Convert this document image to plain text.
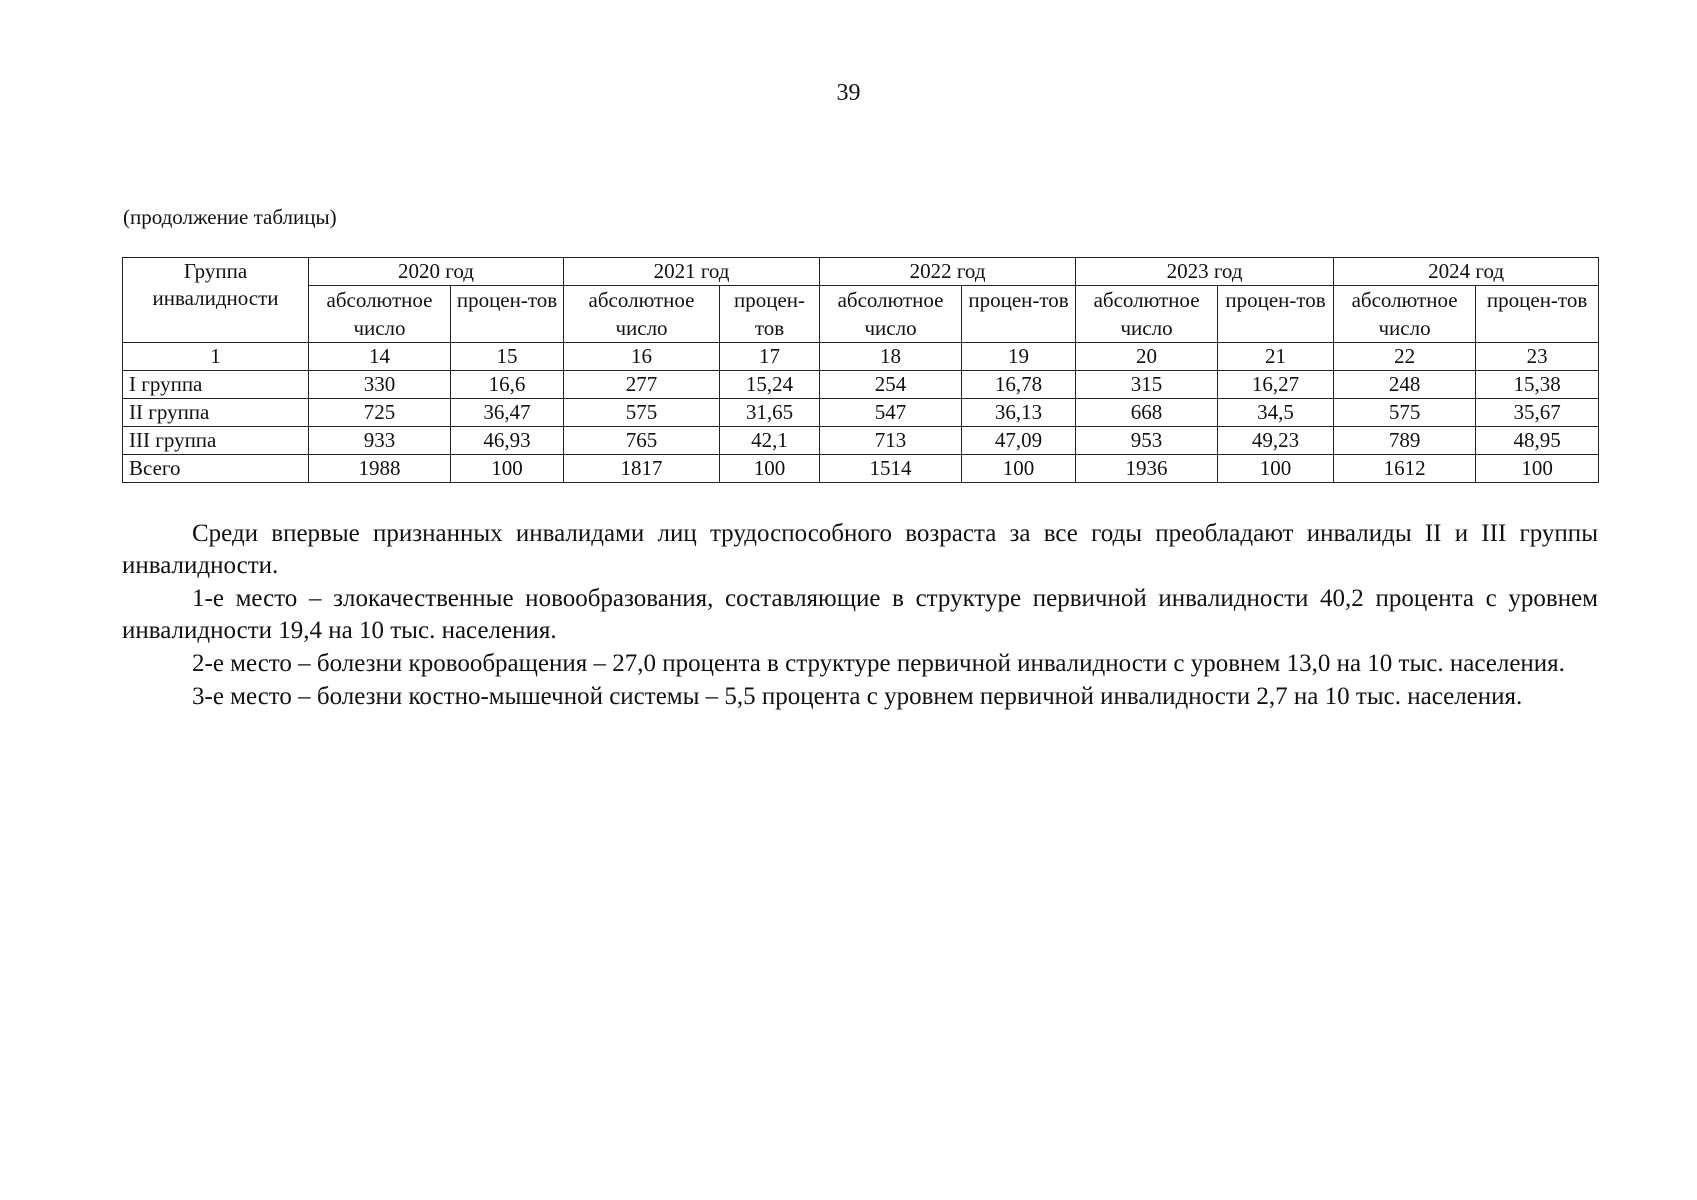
39
(продолжение таблицы)
Группа инвалидности	2020 год		2021 год		2022 год		2023 год		2024 год	
	абсолютное число	процен-тов	абсолютное число	процен-тов	абсолютное число	процен-тов	абсолютное число	процен-тов	абсолютное число	процен-тов
1	14	15	16	17	18	19	20	21	22	23
I группа	330	16,6	277	15,24	254	16,78	315	16,27	248	15,38
II группа	725	36,47	575	31,65	547	36,13	668	34,5	575	35,67
III группа	933	46,93	765	42,1	713	47,09	953	49,23	789	48,95
Всего	1988	100	1817	100	1514	100	1936	100	1612	100

Среди впервые признанных инвалидами лиц трудоспособного возраста за все годы преобладают инвалиды II и III группы инвалидности.

1-е место – злокачественные новообразования, составляющие в структуре первичной инвалидности 40,2 процента с уровнем инвалидности 19,4 на 10 тыс. населения.

2-е место – болезни кровообращения – 27,0 процента в структуре первичной инвалидности с уровнем 13,0 на 10 тыс. населения.

3-е место – болезни костно-мышечной системы – 5,5 процента с уровнем первичной инвалидности 2,7 на 10 тыс. населения.
